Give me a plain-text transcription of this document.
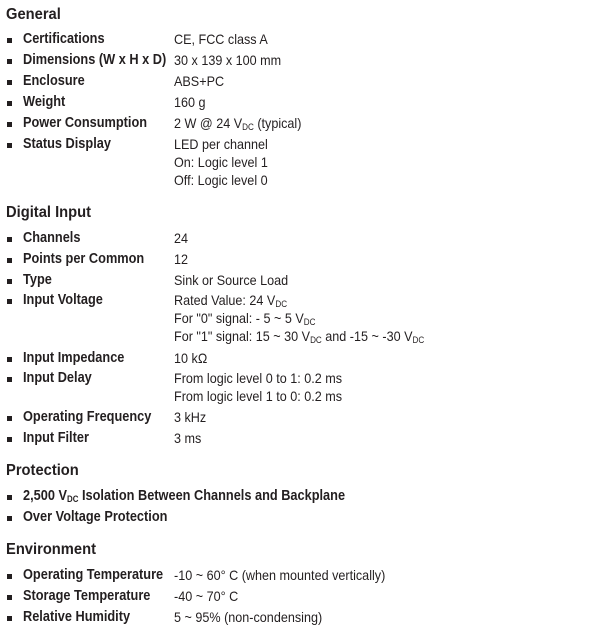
General
Certifications	CE, FCC class A
Dimensions (W x H x D) 30 x 139 x 100 mm
Enclosure	ABS+PC
Weight	160 g
Power Consumption 2 W @ 24 $V_{DC}$ (typical)
Status Display	LED per channel
On: Logic level 1
Off: Logic level 0
Digital Input
Channels	24
Points per Common 12
Type	Sink or Source Load
Input Voltage	Rated Value: 24 $V_{DC}$
For "0" signal: - 5 ~ 5 $V_{DC}$
For "1" signal: 15 ~ 30 $V_{DC}$ and -15 ~ -30 $V_{DC}$
Input Impedance	10 kΩ
Input Delay	From logic level 0 to 1: 0.2 ms
From logic level 1 to 0: 0.2 ms
Operating Frequency 3 kHz
Input Filter	3 ms
Protection
2,500 $V_{DC}$ Isolation Between Channels and Backplane
Over Voltage Protection
Environment
Operating Temperature -10 ~ 60° C (when mounted vertically)
Storage Temperature -40 ~ 70° C
Relative Humidity	5 ~ 95% (non-condensing)
